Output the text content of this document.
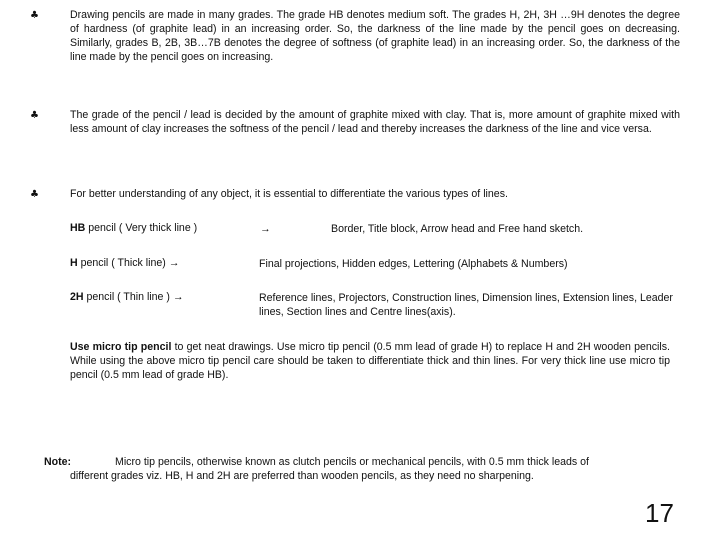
♣	Drawing pencils are made in many grades. The grade HB denotes medium soft. The grades H, 2H, 3H …9H denotes the degree of hardness (of graphite lead) in an increasing order. So, the darkness of the line made by the pencil goes on decreasing. Similarly, grades B, 2B, 3B…7B denotes the degree of softness (of graphite lead) in an increasing order. So, the darkness of the line made by the pencil goes on increasing.
♣	The grade of the pencil / lead is decided by the amount of graphite mixed with clay. That is, more amount of graphite mixed with less amount of clay increases the softness of the pencil / lead and thereby increases the darkness of the line and vice versa.
♣	For better understanding of any object, it is essential to differentiate the various types of lines.
HB pencil ( Very thick line )	→	Border, Title block, Arrow head and Free hand sketch.
H pencil ( Thick line) →	Final projections, Hidden edges, Lettering (Alphabets & Numbers)
2H pencil ( Thin line ) →	Reference lines, Projectors, Construction lines, Dimension lines, Extension lines, Leader lines, Section lines and Centre lines(axis).
Use micro tip pencil to get neat drawings. Use micro tip pencil (0.5 mm lead of grade H) to replace H and 2H wooden pencils. While using the above micro tip pencil care should be taken to differentiate thick and thin lines. For very thick line use micro tip pencil (0.5 mm lead of grade HB).
Note:	Micro tip pencils, otherwise known as clutch pencils or mechanical pencils, with 0.5 mm thick leads of
different grades viz. HB, H and 2H are preferred than wooden pencils, as they need no sharpening.
17
